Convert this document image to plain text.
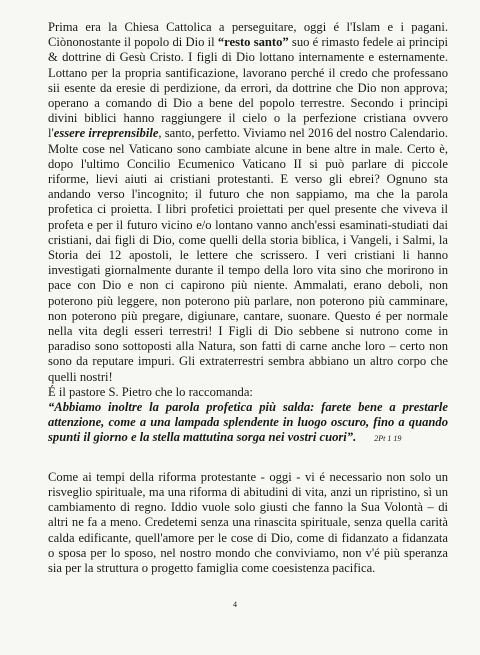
Prima era la Chiesa Cattolica a perseguitare, oggi é l'Islam e i pagani. Ciònonostante il popolo di Dio il “resto santo” suo é rimasto fedele ai principi & dottrine di Gesù Cristo. I figli di Dio lottano internamente e esternamente. Lottano per la propria santificazione, lavorano perché il credo che professano sii esente da eresie di perdizione, da errori, da dottrine che Dio non approva; operano a comando di Dio a bene del popolo terrestre. Secondo i principi divini biblici hanno raggiungere il cielo o la perfezione cristiana ovvero l'essere irreprensibile, santo, perfetto. Viviamo nel 2016 del nostro Calendario. Molte cose nel Vaticano sono cambiate alcune in bene altre in male. Certo è, dopo l'ultimo Concilio Ecumenico Vaticano II si può parlare di piccole riforme, lievi aiuti ai cristiani protestanti. E verso gli ebrei? Ognuno sta andando verso l'incognito; il futuro che non sappiamo, ma che la parola profetica ci proietta. I libri profetici proiettati per quel presente che viveva il profeta e per il futuro vicino e/o lontano vanno anch'essi esaminati-studiati dai cristiani, dai figli di Dio, come quelli della storia biblica, i Vangeli, i Salmi, la Storia dei 12 apostoli, le lettere che scrissero. I veri cristiani li hanno investigati giornalmente durante il tempo della loro vita sino che morirono in pace con Dio e non ci capirono più niente. Ammalati, erano deboli, non poterono più leggere, non poterono più parlare, non poterono più camminare, non poterono più pregare, digiunare, cantare, suonare. Questo é per normale nella vita degli esseri terrestri! I Figli di Dio sebbene si nutrono come in paradiso sono sottoposti alla Natura, son fatti di carne anche loro – certo non sono da reputare impuri. Gli extraterrestri sembra abbiano un altro corpo che quelli nostri!

É il pastore S. Pietro che lo raccomanda:

“Abbiamo inoltre la parola profetica più salda: farete bene a prestarle attenzione, come a una lampada splendente in luogo oscuro, fino a quando spunti il giorno e la stella mattutina sorga nei vostri cuori”. 2Pt 1 19

Come ai tempi della riforma protestante - oggi - vi é necessario non solo un risveglio spirituale, ma una riforma di abitudini di vita, anzi un ripristino, sì un cambiamento di regno. Iddio vuole solo giusti che fanno la Sua Volontà – di altri ne fa a meno. Credetemi senza una rinascita spirituale, senza quella carità calda edificante, quell'amore per le cose di Dio, come di fidanzato a fidanzata o sposa per lo sposo, nel nostro mondo che conviviamo, non v'é più speranza sia per la struttura o progetto famiglia come coesistenza pacifica.

4
